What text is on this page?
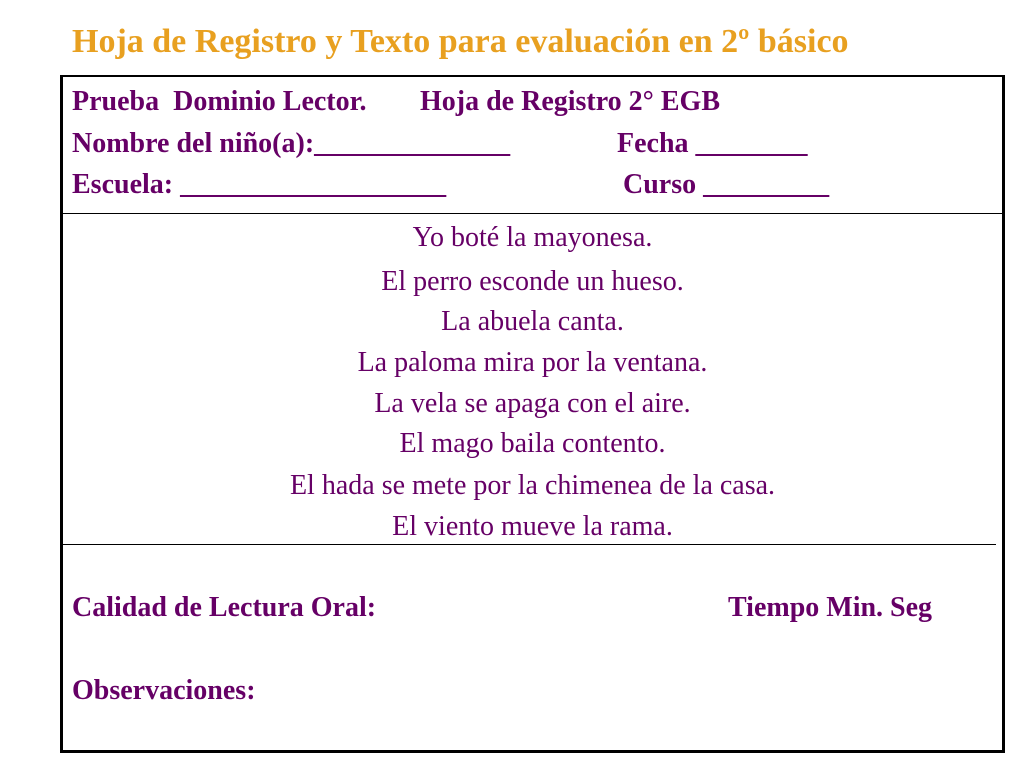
Hoja de Registro y Texto para evaluación en 2º básico
Prueba  Dominio Lector. Hoja de Registro 2° EGB
Nombre del niño(a):______________	Fecha ________
Escuela: ___________________	Curso _________
Yo boté la mayonesa.
El perro esconde un hueso.
La abuela canta.
La paloma mira por la ventana.
La vela se apaga con el aire.
El mago baila contento.
El hada se mete por la chimenea de la casa.
El viento mueve la rama.
Calidad de Lectura Oral:	Tiempo Min. Seg
Observaciones:
